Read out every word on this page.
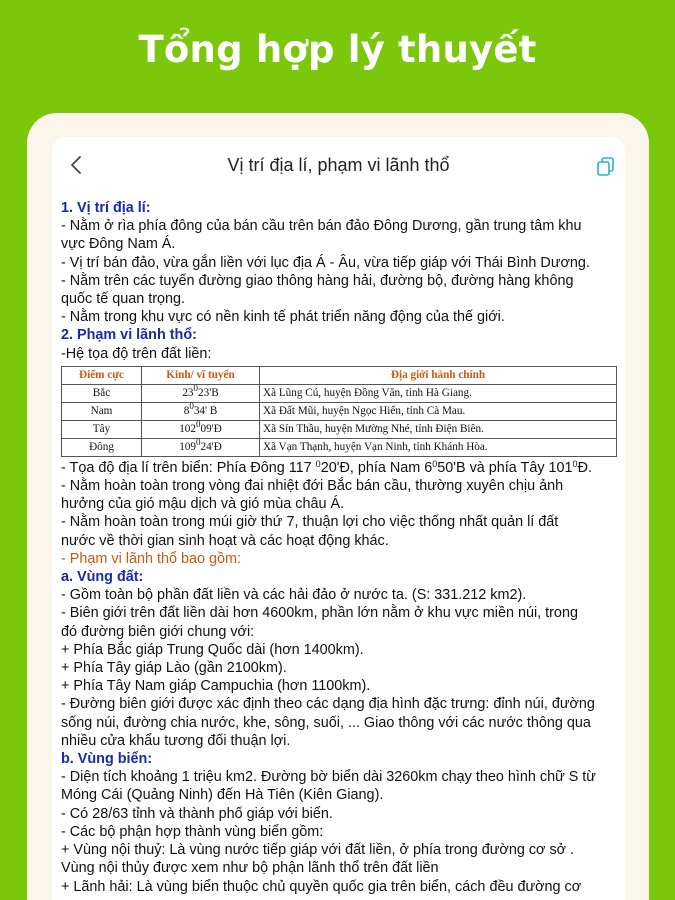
Tổng hợp lý thuyết
Vị trí địa lí, phạm vi lãnh thổ

1. Vị trí địa lí:

- Nằm ở rìa phía đông của bán cầu trên bán đảo Đông Dương, gần trung tâm khu

vực Đông Nam Á.

- Vị trí bán đảo, vừa gắn liền với lục địa Á - Âu, vừa tiếp giáp với Thái Bình Dương.

- Nằm trên các tuyến đường giao thông hàng hải, đường bộ, đường hàng không

quốc tế quan trọng.

- Nằm trong khu vực có nền kinh tế phát triển năng động của thế giới.

2. Phạm vi lãnh thổ:

-Hệ tọa độ trên đất liền:

Điểm cực	Kinh/ vĩ tuyến	Địa giới hành chính
Bắc	$23^023'B$	Xã Lũng Cú, huyện Đồng Văn, tỉnh Hà Giang.
Nam	$8^034'$ B	Xã Đất Mũi, huyện Ngọc Hiển, tỉnh Cà Mau.
Tây	$102^009'Đ$	Xã Sín Thầu, huyện Mường Nhé, tỉnh Điện Biên.
Đông	$109^024'Đ$	Xã Vạn Thạnh, huyện Vạn Ninh, tỉnh Khánh Hòa.

- Tọa độ địa lí trên biển: Phía Đông 117 $^0$20'Đ, phía Nam $6^050'B$ và phía Tây $101^0Đ$.

- Nằm hoàn toàn trong vòng đai nhiệt đới Bắc bán cầu, thường xuyên chịu ảnh

hưởng của gió mậu dịch và gió mùa châu Á.

- Nằm hoàn toàn trong múi giờ thứ 7, thuận lợi cho việc thống nhất quản lí đất

nước về thời gian sinh hoạt và các hoạt động khác.

- Phạm vi lãnh thổ bao gồm:

a. Vùng đất:

- Gồm toàn bộ phần đất liền và các hải đảo ở nước ta. (S: 331.212 km2).

- Biên giới trên đất liền dài hơn 4600km, phần lớn nằm ở khu vực miền núi, trong

đó đường biên giới chung với:

+ Phía Bắc giáp Trung Quốc dài (hơn 1400km).

+ Phía Tây giáp Lào (gần 2100km).

+ Phía Tây Nam giáp Campuchia (hơn 1100km).

- Đường biên giới được xác định theo các dạng địa hình đặc trưng: đỉnh núi, đường

sống núi, đường chia nước, khe, sông, suối, ... Giao thông với các nước thông qua

nhiều cửa khẩu tương đối thuận lợi.

b. Vùng biển:

- Diện tích khoảng 1 triệu km2. Đường bờ biển dài 3260km chạy theo hình chữ S từ

Móng Cái (Quảng Ninh) đến Hà Tiên (Kiên Giang).

- Có 28/63 tỉnh và thành phố giáp với biển.

- Các bộ phận hợp thành vùng biển gồm:

+ Vùng nội thuỷ: Là vùng nước tiếp giáp với đất liền, ở phía trong đường cơ sở .

Vùng nội thủy được xem như bộ phận lãnh thổ trên đất liền

+ Lãnh hải: Là vùng biển thuộc chủ quyền quốc gia trên biển, cách đều đường cơ
